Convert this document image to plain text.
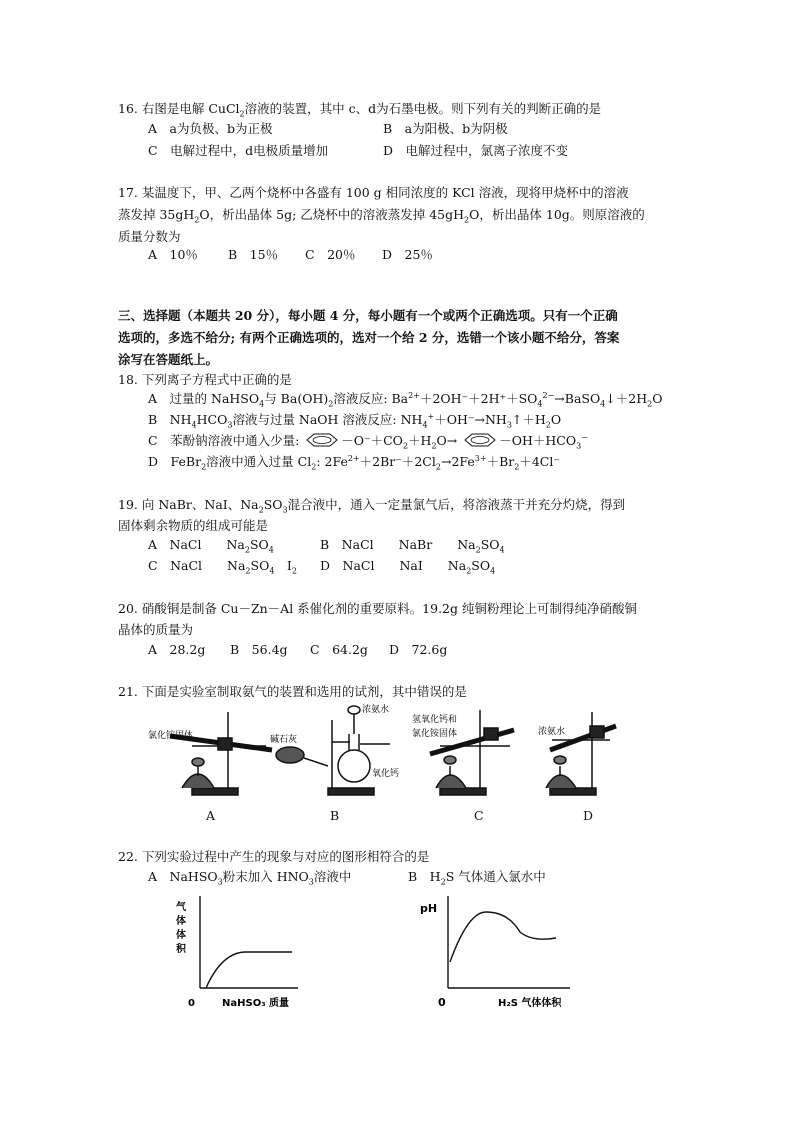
16. 右图是电解 CuCl$_2$溶液的装置，其中 c、d为石墨电极。则下列有关的判断正确的是
A　a为负极、b为正极	B　a为阳极、b为阴极
C　电解过程中，d电极质量增加	D　电解过程中，氯离子浓度不变
17. 某温度下，甲、乙两个烧杯中各盛有 100 g 相同浓度的 KCl 溶液，现将甲烧杯中的溶液
蒸发掉 $35gH_2O$，析出晶体 5g; 乙烧杯中的溶液蒸发掉 $45gH_2O$，析出晶体 10g。则原溶液的
质量分数为
A　10％ B　15％ C　20％ D　25％
三、选择题（本题共 20 分），每小题 4 分，每小题有一个或两个正确选项。只有一个正确
选项的，多选不给分; 有两个正确选项的，选对一个给 2 分，选错一个该小题不给分，答案
涂写在答题纸上。
18. 下列离子方程式中正确的是
A　过量的 NaHSO$_4$与 $Ba(OH)_2$溶液反应: $Ba^{2+}+2OH^-+2H^++SO_4^{2-}\to BaSO_4↓+2H_2O$
B　$NH_4HCO_3$溶液与过量 NaOH 溶液反应: $NH_4^++OH^-\to NH_3↑+H_2O$
C　苯酚钠溶液中通入少量:	$-O^-+CO_2+H_2O\to$	$-OH+HCO_3^-$
D　FeBr$_2$溶液中通入过量 $Cl_2$: $2Fe^{2+}+2Br^-+2Cl_2\to 2Fe^{3+}+Br_2+4Cl^-$
19. 向 NaBr、NaI、$Na_2SO_3$混合液中，通入一定量氯气后，将溶液蒸干并充分灼烧，得到
固体剩余物质的组成可能是
A　NaCl　　$Na_2SO_4$	B　NaCl　　NaBr　　$Na_2SO_4$
C　NaCl　　$Na_2SO_4$　$I_2$ D　NaCl　　NaI　　$Na_2SO_4$
20. 硝酸铜是制备 Cu－Zn－Al 系催化剂的重要原料。19.2g 纯铜粉理论上可制得纯净硝酸铜
晶体的质量为
A　28.2g B　56.4g C　64.2g D　72.6g
21. 下面是实验室制取氨气的装置和选用的试剂，其中错误的是
氯化铵固体	碱石灰
浓氨水
氧化钙
氢氧化钙和
氯化铵固体	浓氨水
A	B	C	D
22. 下列实验过程中产生的现象与对应的图形相符合的是
A　NaHSO$_3$粉末加入 $HNO_3$溶液中	B　$H_2S$ 气体通入氯水中
气
体
体
积
0	NaHSO₃ 质量
pH
0	H₂S 气体体积
